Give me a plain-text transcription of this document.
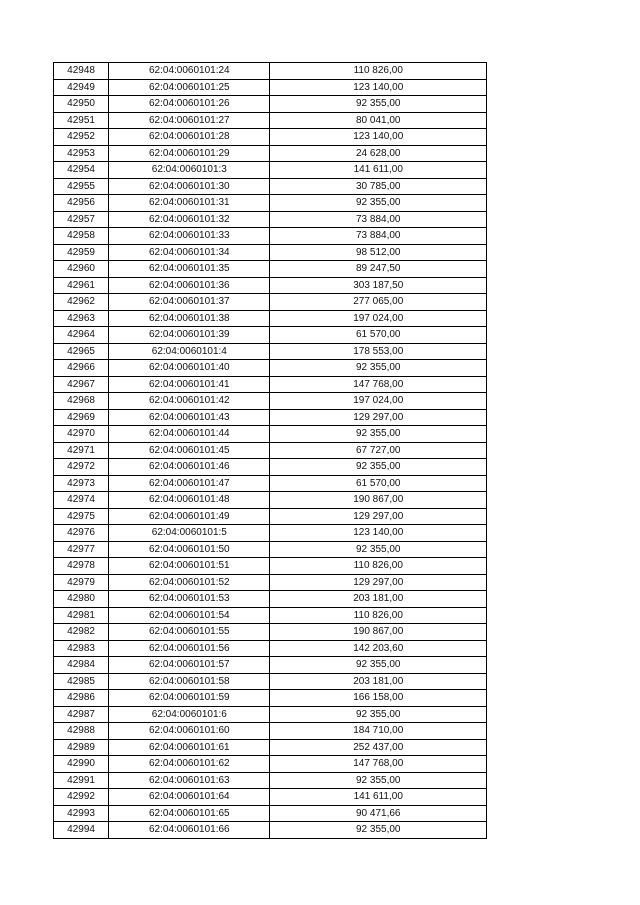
42948	62:04:0060101:24	110 826,00
42949	62:04:0060101:25	123 140,00
42950	62:04:0060101:26	92 355,00
42951	62:04:0060101:27	80 041,00
42952	62:04:0060101:28	123 140,00
42953	62:04:0060101:29	24 628,00
42954	62:04:0060101:3	141 611,00
42955	62:04:0060101:30	30 785,00
42956	62:04:0060101:31	92 355,00
42957	62:04:0060101:32	73 884,00
42958	62:04:0060101:33	73 884,00
42959	62:04:0060101:34	98 512,00
42960	62:04:0060101:35	89 247,50
42961	62:04:0060101:36	303 187,50
42962	62:04:0060101:37	277 065,00
42963	62:04:0060101:38	197 024,00
42964	62:04:0060101:39	61 570,00
42965	62:04:0060101:4	178 553,00
42966	62:04:0060101:40	92 355,00
42967	62:04:0060101:41	147 768,00
42968	62:04:0060101:42	197 024,00
42969	62:04:0060101:43	129 297,00
42970	62:04:0060101:44	92 355,00
42971	62:04:0060101:45	67 727,00
42972	62:04:0060101:46	92 355,00
42973	62:04:0060101:47	61 570,00
42974	62:04:0060101:48	190 867,00
42975	62:04:0060101:49	129 297,00
42976	62:04:0060101:5	123 140,00
42977	62:04:0060101:50	92 355,00
42978	62:04:0060101:51	110 826,00
42979	62:04:0060101:52	129 297,00
42980	62:04:0060101:53	203 181,00
42981	62:04:0060101:54	110 826,00
42982	62:04:0060101:55	190 867,00
42983	62:04:0060101:56	142 203,60
42984	62:04:0060101:57	92 355,00
42985	62:04:0060101:58	203 181,00
42986	62:04:0060101:59	166 158,00
42987	62:04:0060101:6	92 355,00
42988	62:04:0060101:60	184 710,00
42989	62:04:0060101:61	252 437,00
42990	62:04:0060101:62	147 768,00
42991	62:04:0060101:63	92 355,00
42992	62:04:0060101:64	141 611,00
42993	62:04:0060101:65	90 471,66
42994	62:04:0060101:66	92 355,00
